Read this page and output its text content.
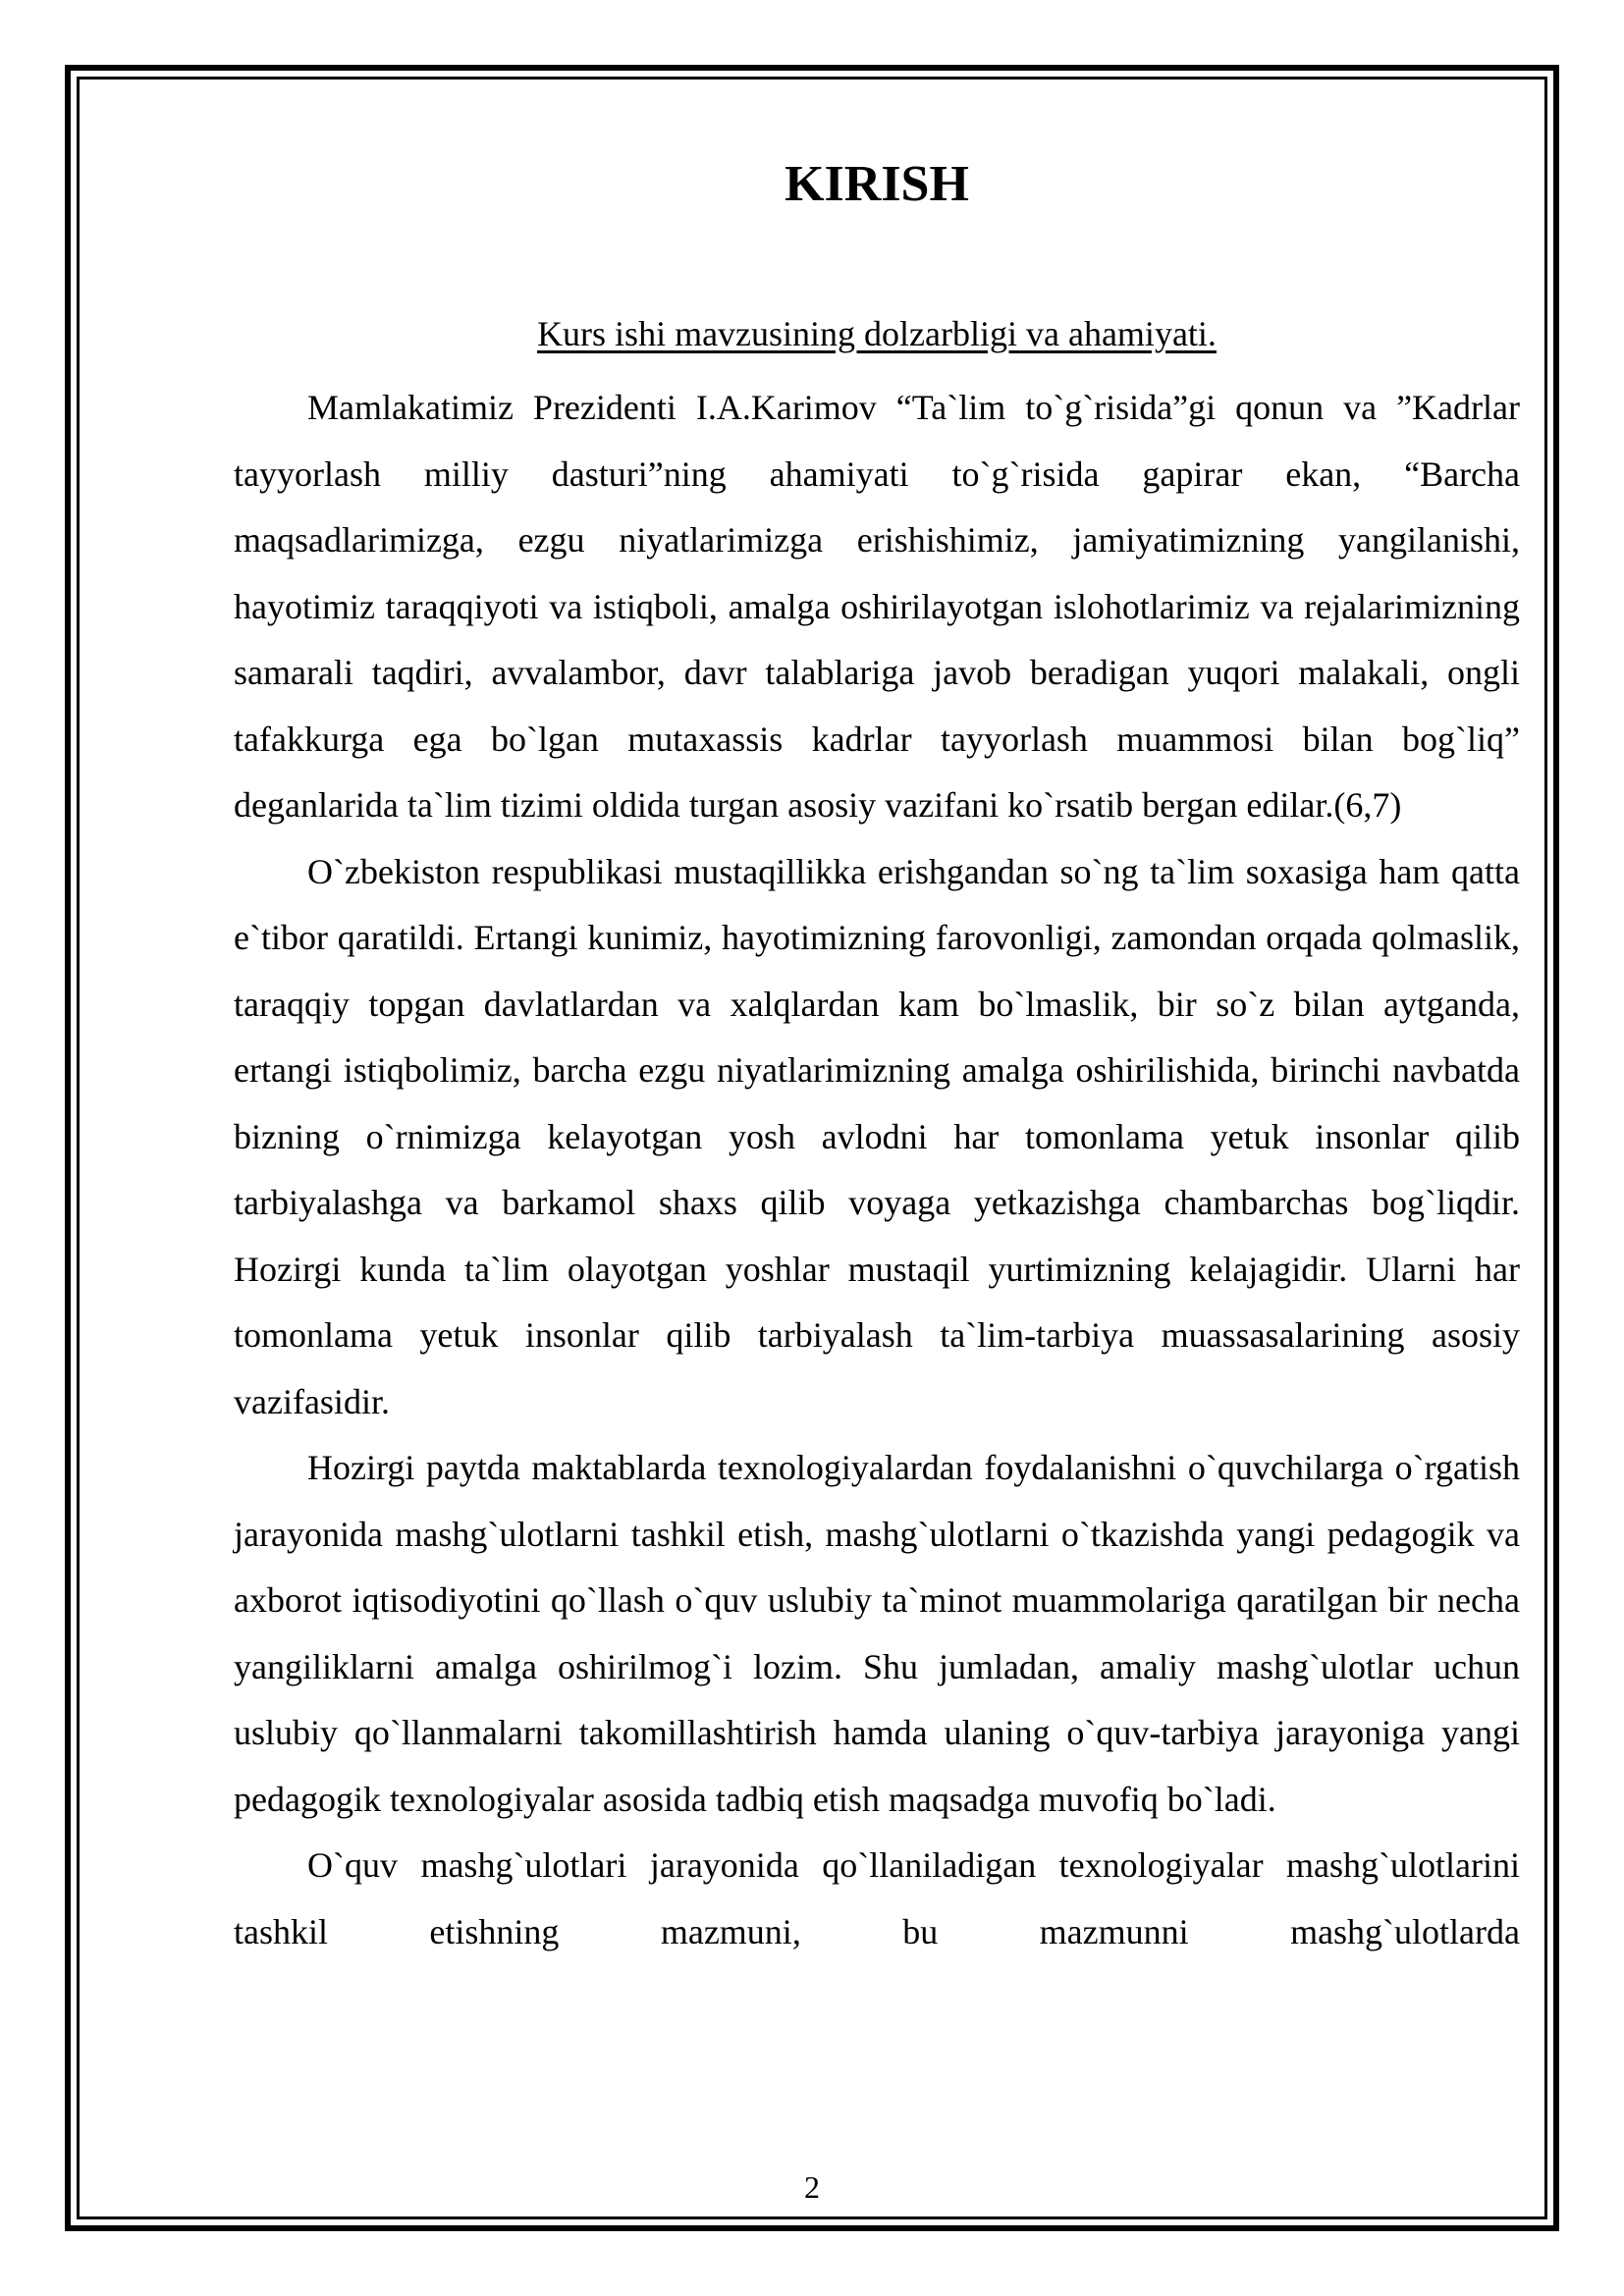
KIRISH

Kurs ishi mavzusining dolzarbligi va ahamiyati.

Mamlakatimiz Prezidenti I.A.Karimov “Ta`lim to`g`risida”gi qonun va ”Kadrlar tayyorlash milliy dasturi”ning ahamiyati to`g`risida gapirar ekan, “Barcha maqsadlarimizga, ezgu niyatlarimizga erishishimiz, jamiyatimizning yangilanishi, hayotimiz taraqqiyoti va istiqboli, amalga oshirilayotgan islohotlarimiz va rejalarimizning samarali taqdiri, avvalambor, davr talablariga javob beradigan yuqori malakali, ongli tafakkurga ega bo`lgan mutaxassis kadrlar tayyorlash muammosi bilan bog`liq” deganlarida ta`lim tizimi oldida turgan asosiy vazifani ko`rsatib bergan edilar.(6,7)

O`zbekiston respublikasi mustaqillikka erishgandan so`ng ta`lim soxasiga ham qatta e`tibor qaratildi. Ertangi kunimiz, hayotimizning farovonligi, zamondan orqada qolmaslik, taraqqiy topgan davlatlardan va xalqlardan kam bo`lmaslik, bir so`z bilan aytganda, ertangi istiqbolimiz, barcha ezgu niyatlarimizning amalga oshirilishida, birinchi navbatda bizning o`rnimizga kelayotgan yosh avlodni har tomonlama yetuk insonlar qilib tarbiyalashga va barkamol shaxs qilib voyaga yetkazishga chambarchas bog`liqdir. Hozirgi kunda ta`lim olayotgan yoshlar mustaqil yurtimizning kelajagidir. Ularni har tomonlama yetuk insonlar qilib tarbiyalash ta`lim-tarbiya muassasalarining asosiy vazifasidir.

Hozirgi paytda maktablarda texnologiyalardan foydalanishni o`quvchilarga o`rgatish jarayonida mashg`ulotlarni tashkil etish, mashg`ulotlarni o`tkazishda yangi pedagogik va axborot iqtisodiyotini qo`llash o`quv uslubiy ta`minot muammolariga qaratilgan bir necha yangiliklarni amalga oshirilmog`i lozim. Shu jumladan, amaliy mashg`ulotlar uchun uslubiy qo`llanmalarni takomillashtirish hamda ulaning o`quv-tarbiya jarayoniga yangi pedagogik texnologiyalar asosida tadbiq etish maqsadga muvofiq bo`ladi.

O`quv mashg`ulotlari jarayonida qo`llaniladigan texnologiyalar mashg`ulotlarini tashkil etishning mazmuni, bu mazmunni mashg`ulotlarda

2
